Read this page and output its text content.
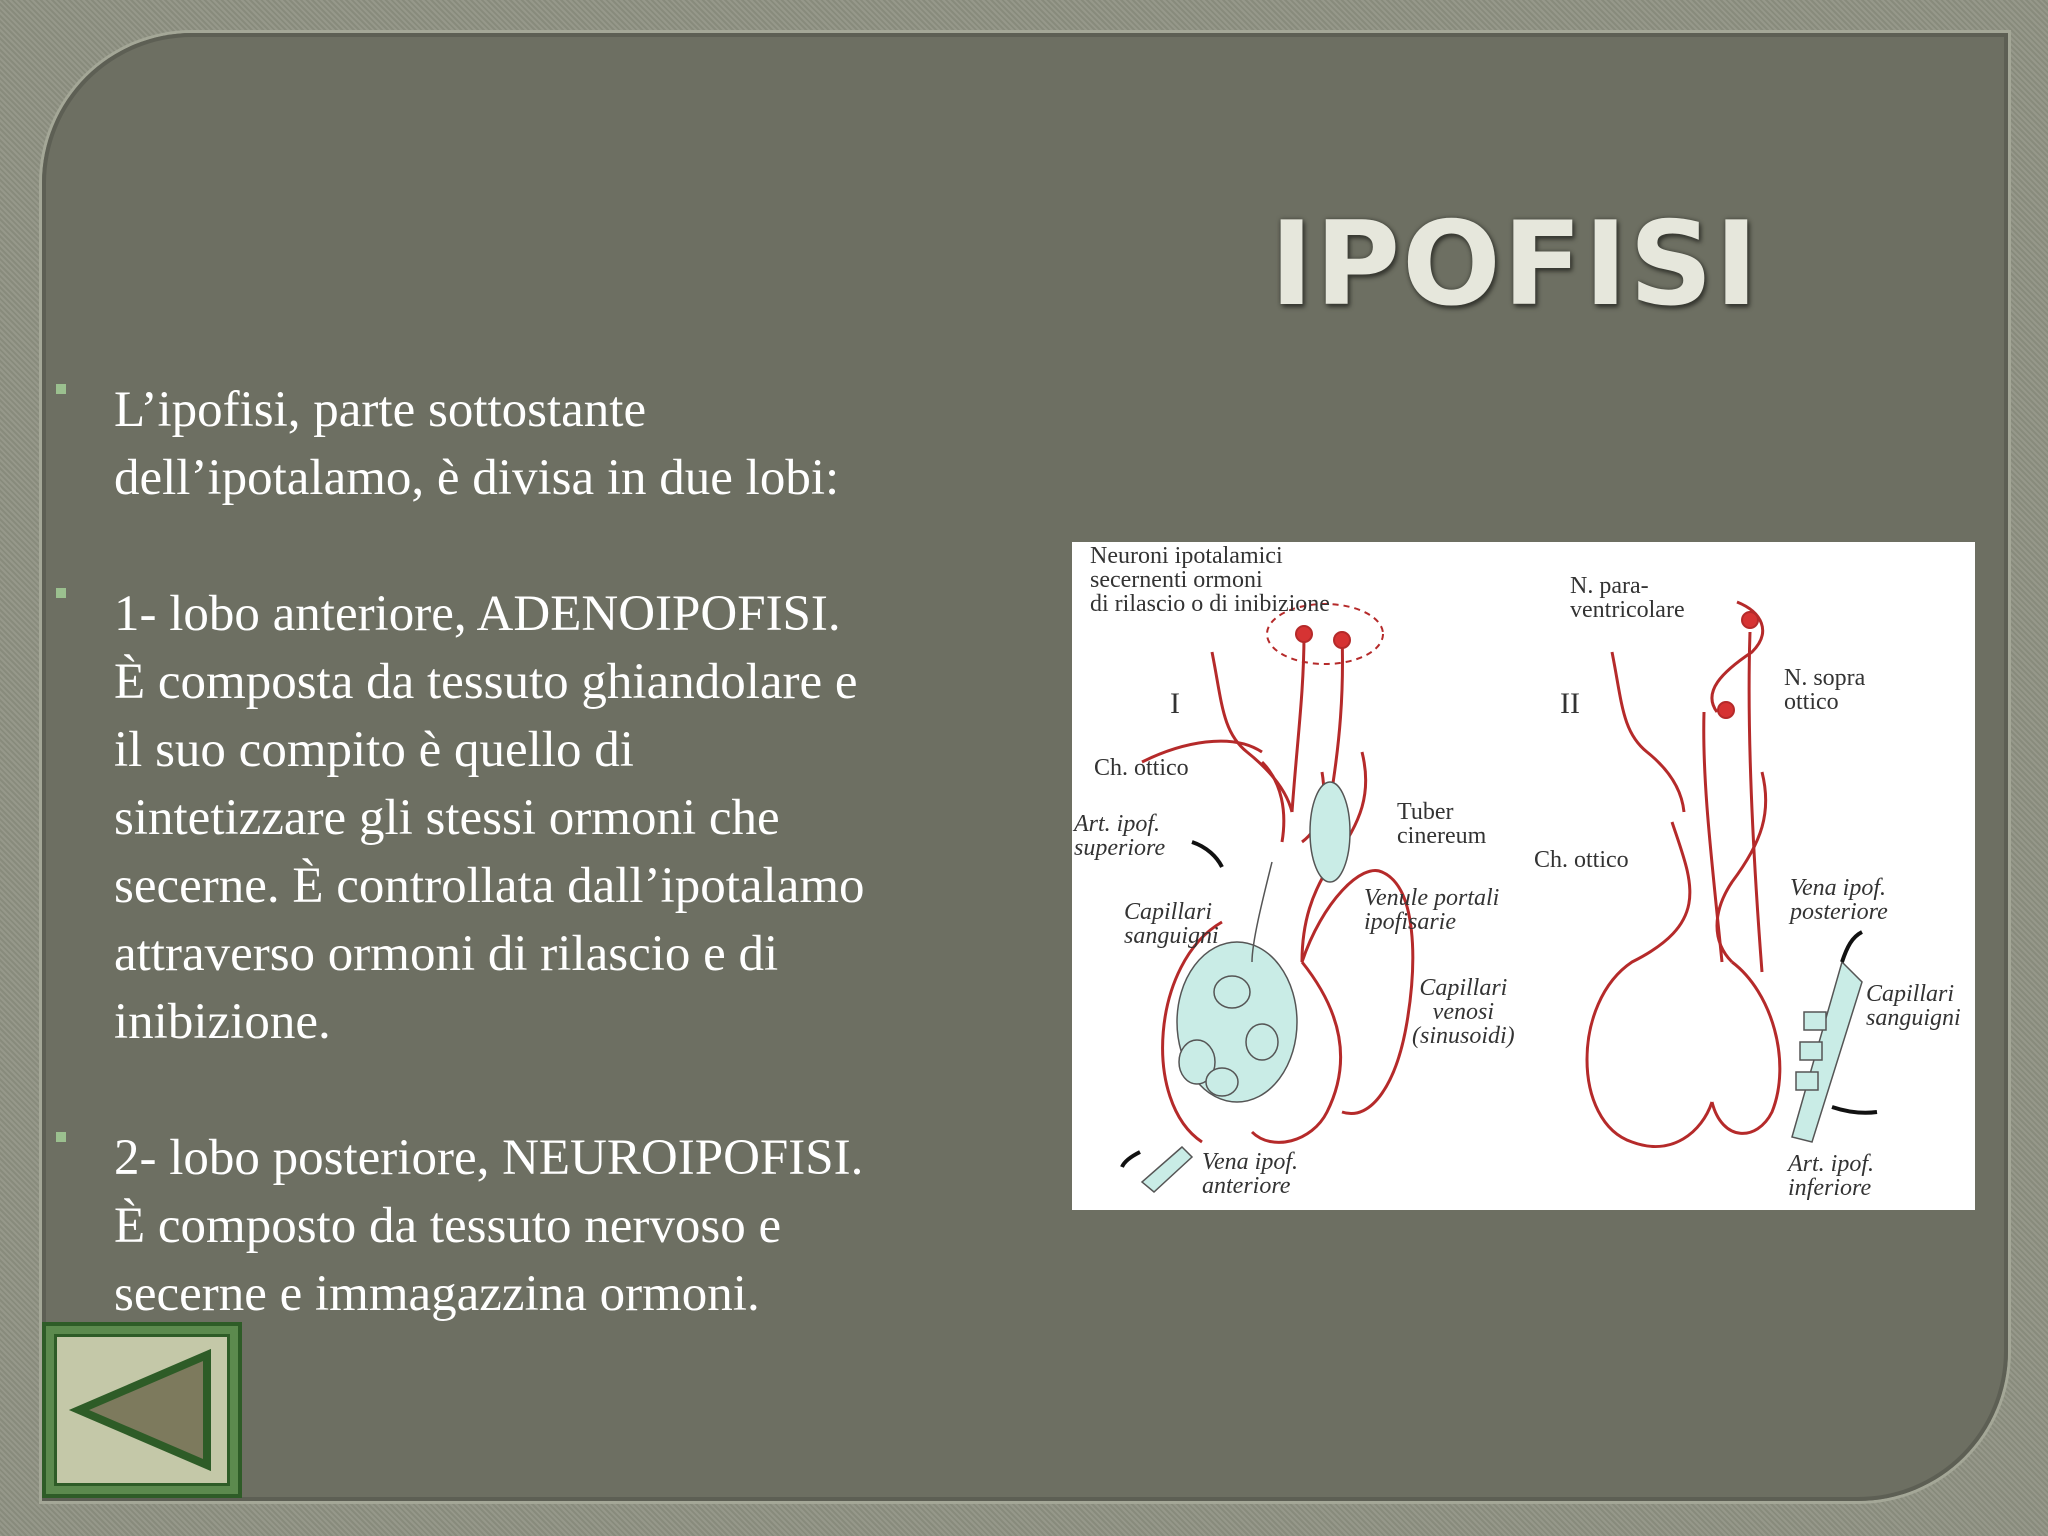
IPOFISI

L’ipofisi, parte sottostante

dell’ipotalamo, è divisa in due lobi:

1- lobo anteriore, ADENOIPOFISI.

È composta da tessuto ghiandolare e

il suo compito è quello di

sintetizzare gli stessi ormoni che

secerne. È controllata dall’ipotalamo

attraverso ormoni di rilascio e di

inibizione.

2- lobo posteriore, NEUROIPOFISI.

È composto da tessuto nervoso e

secerne e immagazzina ormoni.

Neuroni ipotalamici
secernenti ormoni
di rilascio o di inibizione
I	II
Ch. ottico
Art. ipof.
superiore
Tuber
cinereum
Capillari
sanguigni
Venule portali
ipofisarie
Capillari
venosi
(sinusoidi)
Vena ipof.
anteriore
N. para-
ventricolare
N. sopra
ottico
Ch. ottico
Vena ipof.
posteriore
Capillari
sanguigni
Art. ipof.
inferiore
